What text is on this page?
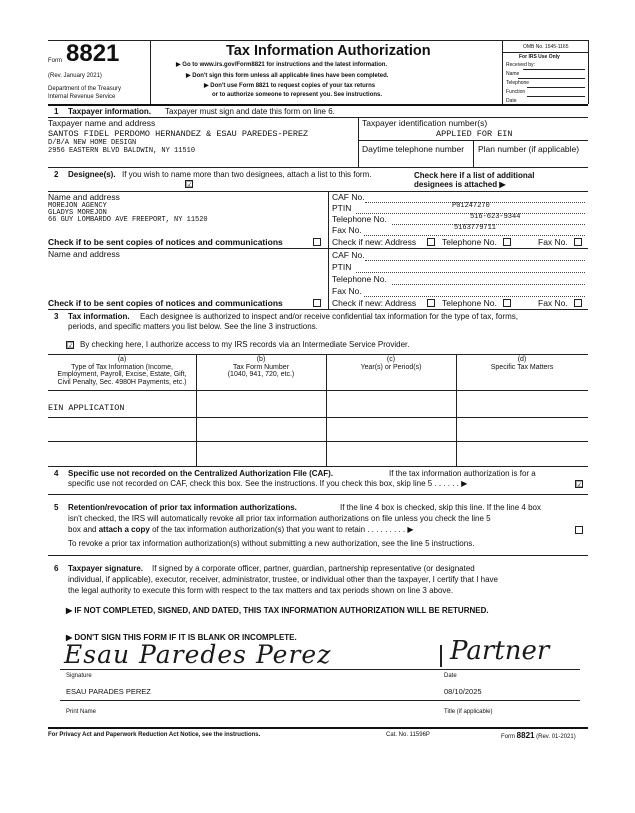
Form 8821
(Rev. January 2021)
Department of the Treasury
Internal Revenue Service
Tax Information Authorization
▶ Go to www.irs.gov/Form8821 for instructions and the latest information.
▶ Don't sign this form unless all applicable lines have been completed.
▶ Don't use Form 8821 to request copies of your tax returns
or to authorize someone to represent you. See instructions.
OMB No. 1545-1165
For IRS Use Only
Received by:
Name
Telephone
Function
Date
1 Taxpayer information. Taxpayer must sign and date this form on line 6.
Taxpayer name and address
SANTOS FIDEL PERDOMO HERNANDEZ & ESAU PAREDES-PEREZ
D/B/A NEW HOME DESIGN
2956 EASTERN BLVD BALDWIN, NY 11510
Taxpayer identification number(s)
APPLIED FOR EIN
Daytime telephone number Plan number (if applicable)
2 Designee(s). If you wish to name more than two designees, attach a list to this form.	Check here if a list of additional designees is attached ▶
☑
Name and address
MOREJON AGENCY
GLADYS MOREJON
66 GUY LOMBARDO AVE FREEPORT, NY 11520
CAF No.
PTIN	P01247270
Telephone No.	516-623-9344
Fax No.	5163779711
Check if to be sent copies of notices and communications	Check if new: Address	Telephone No.	Fax No.
Name and address	CAF No.
PTIN
Telephone No.
Fax No.
Check if to be sent copies of notices and communications	Check if new: Address	Telephone No.	Fax No.
3 Tax information. Each designee is authorized to inspect and/or receive confidential tax information for the type of tax, forms,
periods, and specific matters you list below. See the line 3 instructions.
☑ By checking here, I authorize access to my IRS records via an Intermediate Service Provider.
(a)
Type of Tax Information (Income,
Employment, Payroll, Excise, Estate, Gift,
Civil Penalty, Sec. 4980H Payments, etc.)
(b)
Tax Form Number
(1040, 941, 720, etc.)
(c)
Year(s) or Period(s)
(d)
Specific Tax Matters
EIN APPLICATION
4 Specific use not recorded on the Centralized Authorization File (CAF).	If the tax information authorization is for a
specific use not recorded on CAF, check this box. See the instructions. If you check this box, skip line 5 . . . . . . ▶	☑
5 Retention/revocation of prior tax information authorizations.	If the line 4 box is checked, skip this line. If the line 4 box
isn't checked, the IRS will automatically revoke all prior tax information authorizations on file unless you check the line 5
box and attach a copy of the tax information authorization(s) that you want to retain . . . . . . . . . ▶
To revoke a prior tax information authorization(s) without submitting a new authorization, see the line 5 instructions.
6 Taxpayer signature. If signed by a corporate officer, partner, guardian, partnership representative (or designated
individual, if applicable), executor, receiver, administrator, trustee, or individual other than the taxpayer, I certify that I have
the legal authority to execute this form with respect to the tax matters and tax periods shown on line 3 above.
▶ IF NOT COMPLETED, SIGNED, AND DATED, THIS TAX INFORMATION AUTHORIZATION WILL BE RETURNED.
▶ DON'T SIGN THIS FORM IF IT IS BLANK OR INCOMPLETE.
Esau Paredes Perez	Partner
Signature	Date
ESAU PARADES PEREZ	08/10/2025
Print Name	Title (if applicable)
For Privacy Act and Paperwork Reduction Act Notice, see the instructions.	Cat. No. 11596P	Form 8821 (Rev. 01-2021)
